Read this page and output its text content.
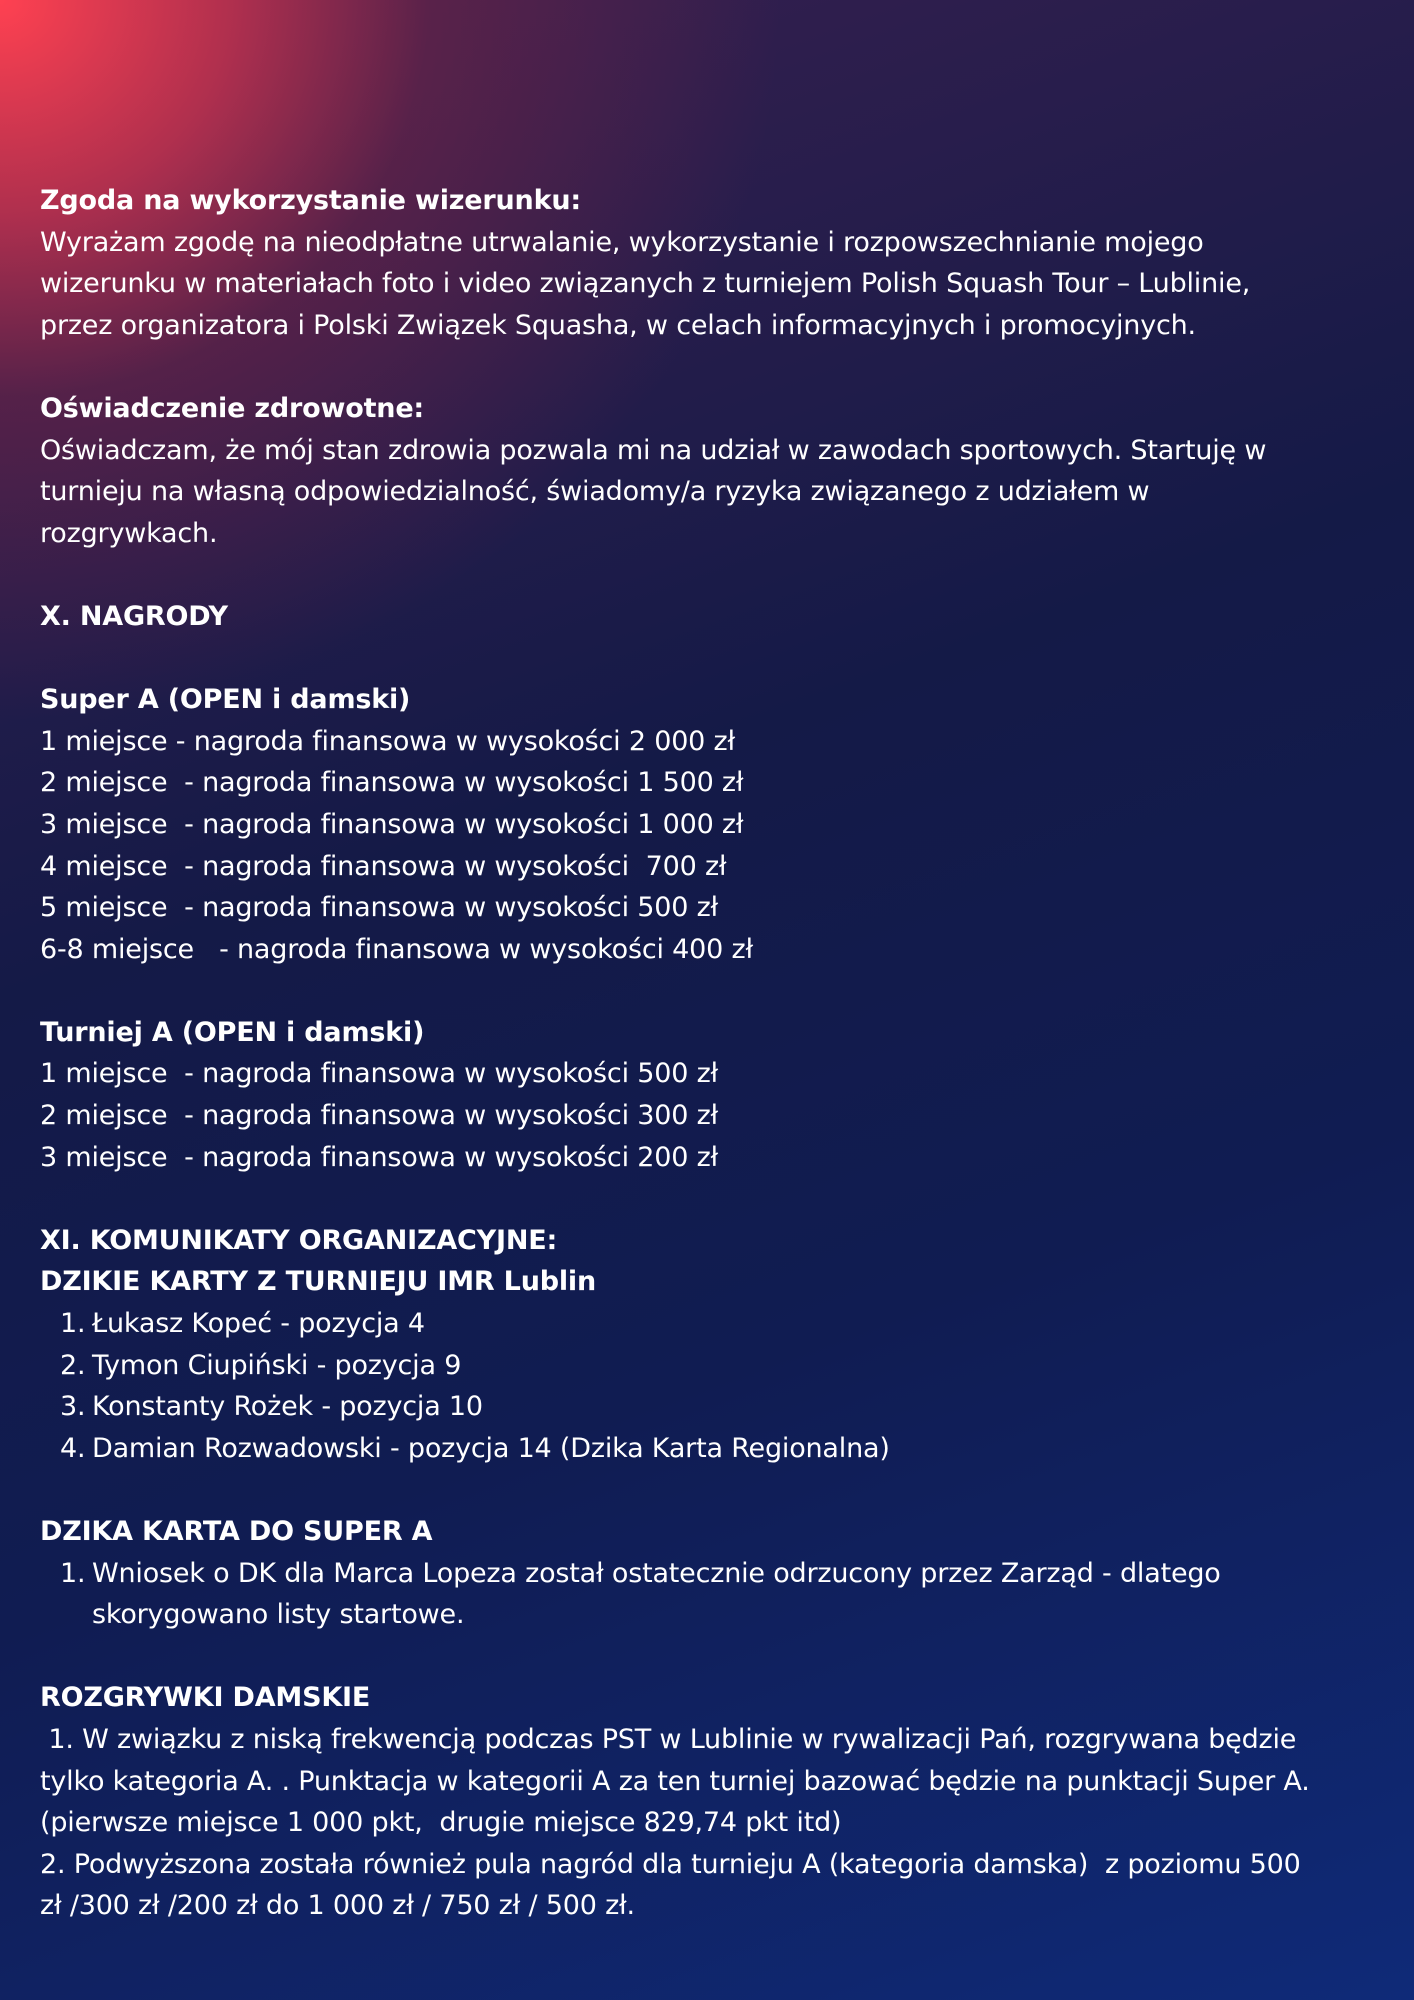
Zgoda na wykorzystanie wizerunku:

Wyrażam zgodę na nieodpłatne utrwalanie, wykorzystanie i rozpowszechnianie mojego

wizerunku w materiałach foto i video związanych z turniejem Polish Squash Tour – Lublinie,

przez organizatora i Polski Związek Squasha, w celach informacyjnych i promocyjnych.

Oświadczenie zdrowotne:

Oświadczam, że mój stan zdrowia pozwala mi na udział w zawodach sportowych. Startuję w

turnieju na własną odpowiedzialność, świadomy/a ryzyka związanego z udziałem w

rozgrywkach.

X. NAGRODY

Super A (OPEN i damski)

1 miejsce - nagroda finansowa w wysokości 2 000 zł

2 miejsce  - nagroda finansowa w wysokości 1 500 zł

3 miejsce  - nagroda finansowa w wysokości 1 000 zł

4 miejsce  - nagroda finansowa w wysokości  700 zł

5 miejsce  - nagroda finansowa w wysokości 500 zł

6-8 miejsce   - nagroda finansowa w wysokości 400 zł

Turniej A (OPEN i damski)

1 miejsce  - nagroda finansowa w wysokości 500 zł

2 miejsce  - nagroda finansowa w wysokości 300 zł

3 miejsce  - nagroda finansowa w wysokości 200 zł

XI. KOMUNIKATY ORGANIZACYJNE:

DZIKIE KARTY Z TURNIEJU IMR Lublin

1. Łukasz Kopeć - pozycja 4
2. Tymon Ciupiński - pozycja 9
3. Konstanty Rożek - pozycja 10
4. Damian Rozwadowski - pozycja 14 (Dzika Karta Regionalna)

DZIKA KARTA DO SUPER A

1. Wniosek o DK dla Marca Lopeza został ostatecznie odrzucony przez Zarząd - dlatego
skorygowano listy startowe.

ROZGRYWKI DAMSKIE

1. W związku z niską frekwencją podczas PST w Lublinie w rywalizacji Pań, rozgrywana będzie

tylko kategoria A. . Punktacja w kategorii A za ten turniej bazować będzie na punktacji Super A.

(pierwsze miejsce 1 000 pkt,  drugie miejsce 829,74 pkt itd)

2. Podwyższona została również pula nagród dla turnieju A (kategoria damska)  z poziomu 500

zł /300 zł /200 zł do 1 000 zł / 750 zł / 500 zł.
